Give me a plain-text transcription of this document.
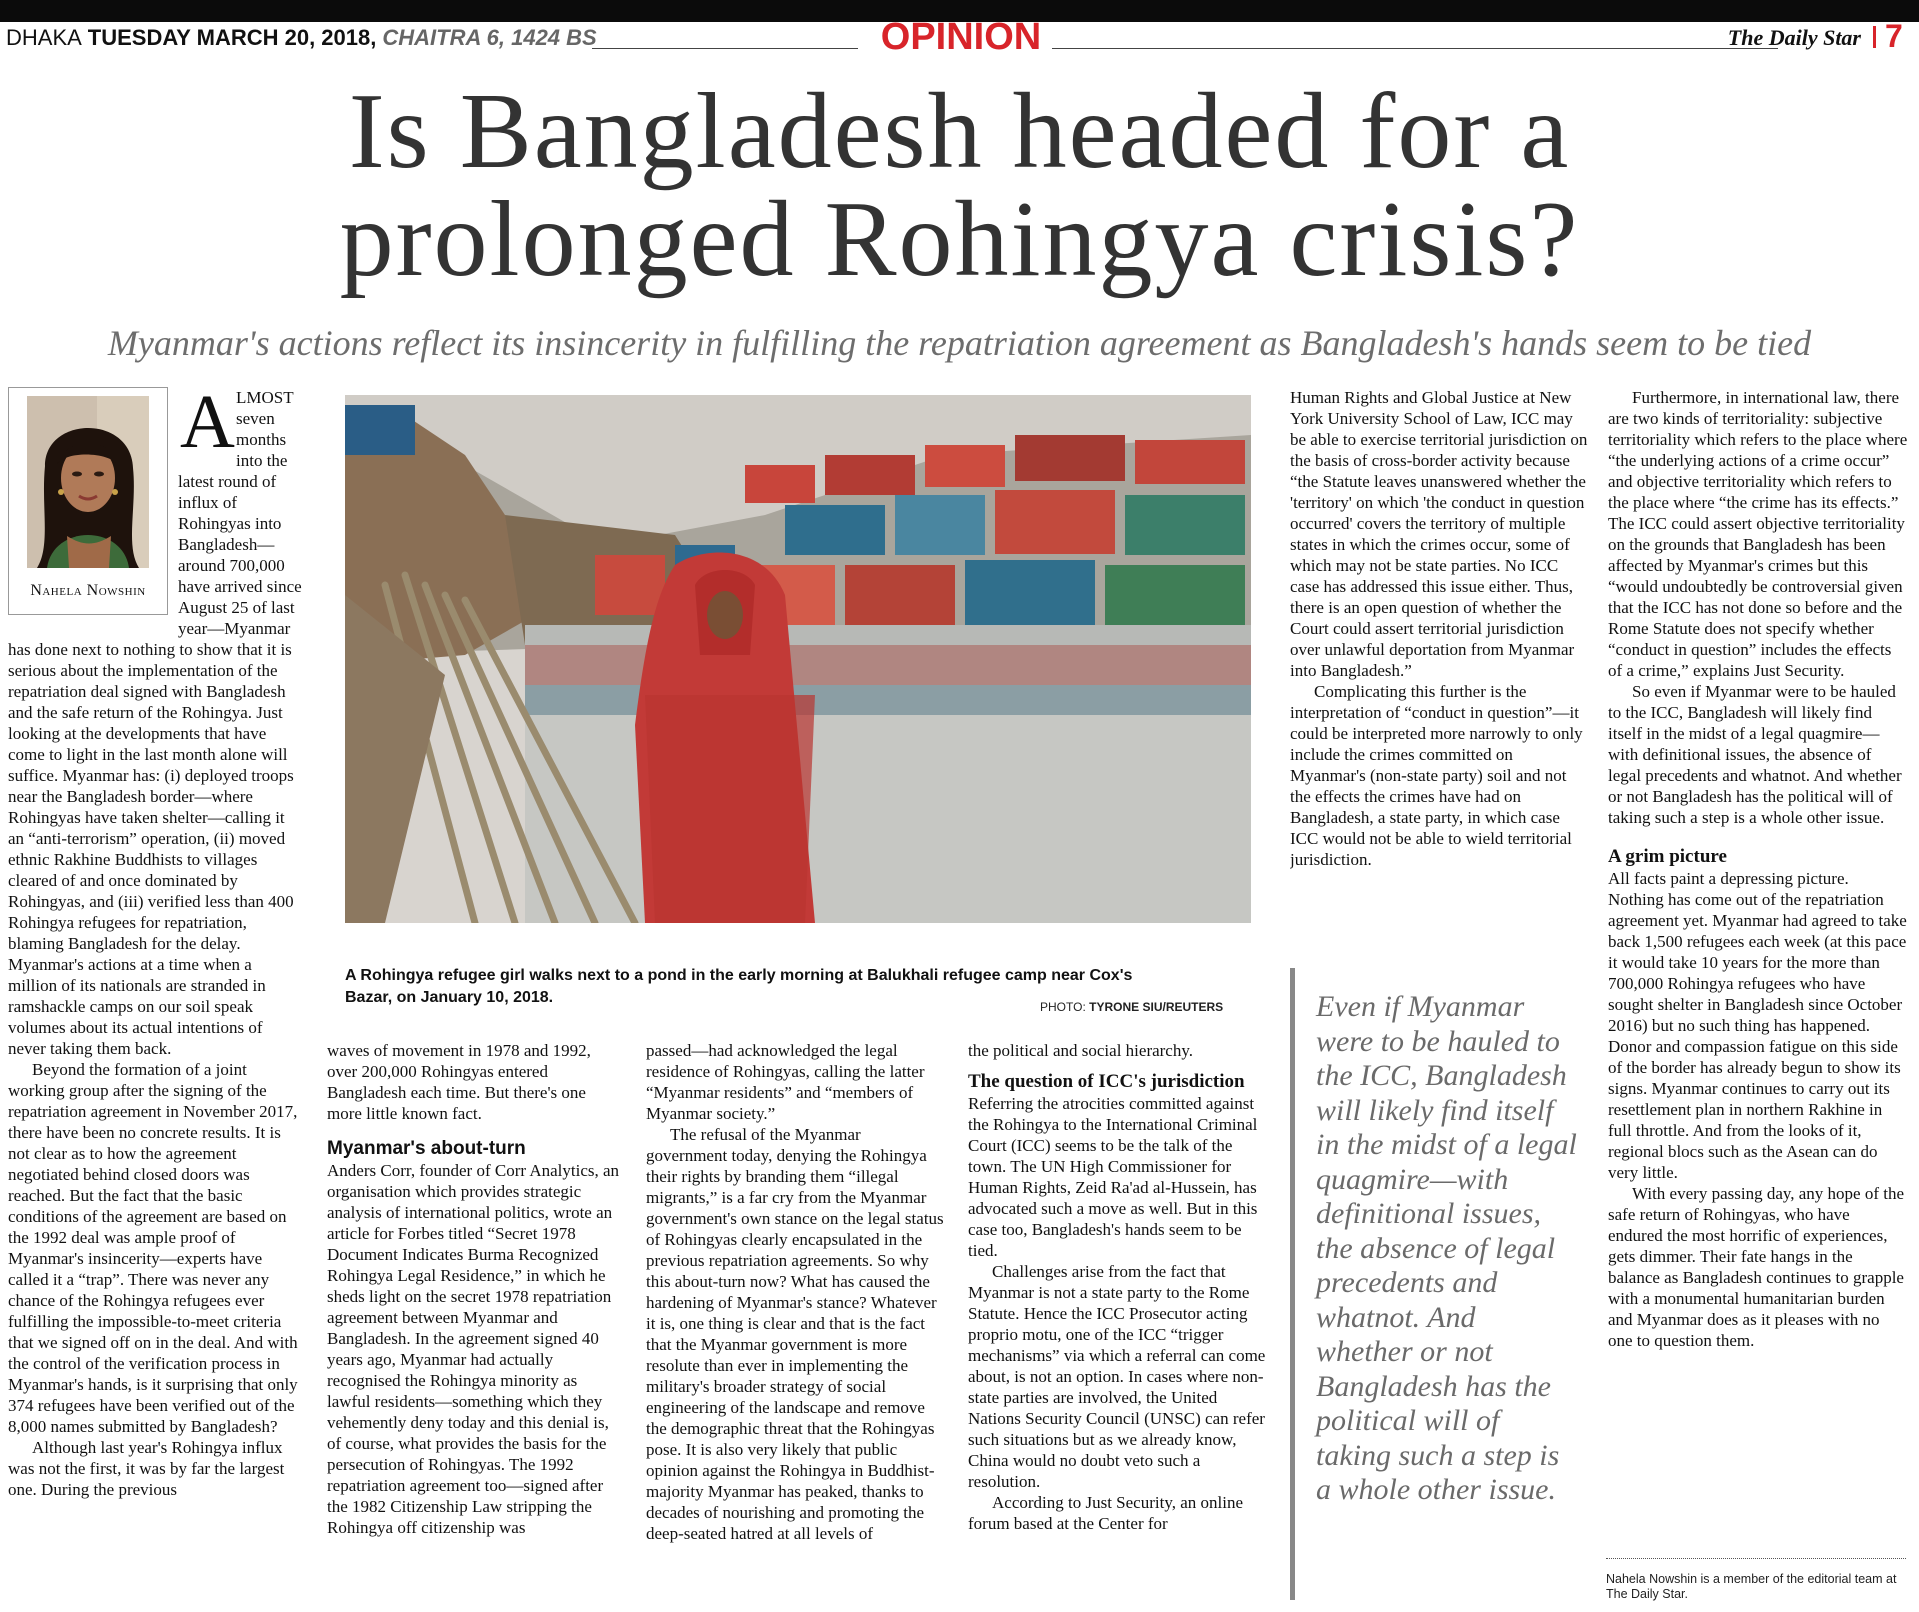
DHAKA TUESDAY MARCH 20, 2018, CHAITRA 6, 1424 BS	OPINION	The Daily Star 7
Is Bangladesh headed for a
prolonged Rohingya crisis?
Myanmar's actions reflect its insincerity in fulfilling the repatriation agreement as Bangladesh's hands seem to be tied
Nahela Nowshin
A LMOST seven months into the latest round of influx of Rohingyas into Bangladesh—around 700,000 have arrived since August 25 of last year—Myanmar has done next to nothing to show that it is serious about the implementation of the repatriation deal signed with Bangladesh and the safe return of the Rohingya. Just looking at the developments that have come to light in the last month alone will suffice. Myanmar has: (i) deployed troops near the Bangladesh border—where Rohingyas have taken shelter—calling it an “anti-terrorism” operation, (ii) moved ethnic Rakhine Buddhists to villages cleared of and once dominated by Rohingyas, and (iii) verified less than 400 Rohingya refugees for repatriation, blaming Bangladesh for the delay. Myanmar's actions at a time when a million of its nationals are stranded in ramshackle camps on our soil speak volumes about its actual intentions of never taking them back.

Beyond the formation of a joint working group after the signing of the repatriation agreement in November 2017, there have been no concrete results. It is not clear as to how the agreement negotiated behind closed doors was reached. But the fact that the basic conditions of the agreement are based on the 1992 deal was ample proof of Myanmar's insincerity—experts have called it a “trap”. There was never any chance of the Rohingya refugees ever fulfilling the impossible-to-meet criteria that we signed off on in the deal. And with the control of the verification process in Myanmar's hands, is it surprising that only 374 refugees have been verified out of the 8,000 names submitted by Bangladesh?

Although last year's Rohingya influx was not the first, it was by far the largest one. During the previous

A Rohingya refugee girl walks next to a pond in the early morning at Balukhali refugee camp near Cox's Bazar, on January 10, 2018.
PHOTO: TYRONE SIU/REUTERS

waves of movement in 1978 and 1992, over 200,000 Rohingyas entered Bangladesh each time. But there's one more little known fact.

Myanmar's about-turn

Anders Corr, founder of Corr Analytics, an organisation which provides strategic analysis of international politics, wrote an article for Forbes titled “Secret 1978 Document Indicates Burma Recognized Rohingya Legal Residence,” in which he sheds light on the secret 1978 repatriation agreement between Myanmar and Bangladesh. In the agreement signed 40 years ago, Myanmar had actually recognised the Rohingya minority as lawful residents—something which they vehemently deny today and this denial is, of course, what provides the basis for the persecution of Rohingyas. The 1992 repatriation agreement too—signed after the 1982 Citizenship Law stripping the Rohingya off citizenship was

passed—had acknowledged the legal residence of Rohingyas, calling the latter “Myanmar residents” and “members of Myanmar society.”

The refusal of the Myanmar government today, denying the Rohingya their rights by branding them “illegal migrants,” is a far cry from the Myanmar government's own stance on the legal status of Rohingyas clearly encapsulated in the previous repatriation agreements. So why this about-turn now? What has caused the hardening of Myanmar's stance? Whatever it is, one thing is clear and that is the fact that the Myanmar government is more resolute than ever in implementing the military's broader strategy of social engineering of the landscape and remove the demographic threat that the Rohingyas pose. It is also very likely that public opinion against the Rohingya in Buddhist-majority Myanmar has peaked, thanks to decades of nourishing and promoting the deep-seated hatred at all levels of

the political and social hierarchy.

The question of ICC's jurisdiction

Referring the atrocities committed against the Rohingya to the International Criminal Court (ICC) seems to be the talk of the town. The UN High Commissioner for Human Rights, Zeid Ra'ad al-Hussein, has advocated such a move as well. But in this case too, Bangladesh's hands seem to be tied.

Challenges arise from the fact that Myanmar is not a state party to the Rome Statute. Hence the ICC Prosecutor acting proprio motu, one of the ICC “trigger mechanisms” via which a referral can come about, is not an option. In cases where non-state parties are involved, the United Nations Security Council (UNSC) can refer such situations but as we already know, China would no doubt veto such a resolution.

According to Just Security, an online forum based at the Center for

Human Rights and Global Justice at New York University School of Law, ICC may be able to exercise territorial jurisdiction on the basis of cross-border activity because “the Statute leaves unanswered whether the 'territory' on which 'the conduct in question occurred' covers the territory of multiple states in which the crimes occur, some of which may not be state parties. No ICC case has addressed this issue either. Thus, there is an open question of whether the Court could assert territorial jurisdiction over unlawful deportation from Myanmar into Bangladesh.”

Complicating this further is the interpretation of “conduct in question”—it could be interpreted more narrowly to only include the crimes committed on Myanmar's (non-state party) soil and not the effects the crimes have had on Bangladesh, a state party, in which case ICC would not be able to wield territorial jurisdiction.

Even if Myanmar were to be hauled to the ICC, Bangladesh will likely find itself in the midst of a legal quagmire—with definitional issues, the absence of legal precedents and whatnot. And whether or not Bangladesh has the political will of taking such a step is a whole other issue.

Furthermore, in international law, there are two kinds of territoriality: subjective territoriality which refers to the place where “the underlying actions of a crime occur” and objective territoriality which refers to the place where “the crime has its effects.” The ICC could assert objective territoriality on the grounds that Bangladesh has been affected by Myanmar's crimes but this “would undoubtedly be controversial given that the ICC has not done so before and the Rome Statute does not specify whether “conduct in question” includes the effects of a crime,” explains Just Security.

So even if Myanmar were to be hauled to the ICC, Bangladesh will likely find itself in the midst of a legal quagmire—with definitional issues, the absence of legal precedents and whatnot. And whether or not Bangladesh has the political will of taking such a step is a whole other issue.

A grim picture

All facts paint a depressing picture. Nothing has come out of the repatriation agreement yet. Myanmar had agreed to take back 1,500 refugees each week (at this pace it would take 10 years for the more than 700,000 Rohingya refugees who have sought shelter in Bangladesh since October 2016) but no such thing has happened. Donor and compassion fatigue on this side of the border has already begun to show its signs. Myanmar continues to carry out its resettlement plan in northern Rakhine in full throttle. And from the looks of it, regional blocs such as the Asean can do very little.

With every passing day, any hope of the safe return of Rohingyas, who have endured the most horrific of experiences, gets dimmer. Their fate hangs in the balance as Bangladesh continues to grapple with a monumental humanitarian burden and Myanmar does as it pleases with no one to question them.

Nahela Nowshin is a member of the editorial team at The Daily Star.
